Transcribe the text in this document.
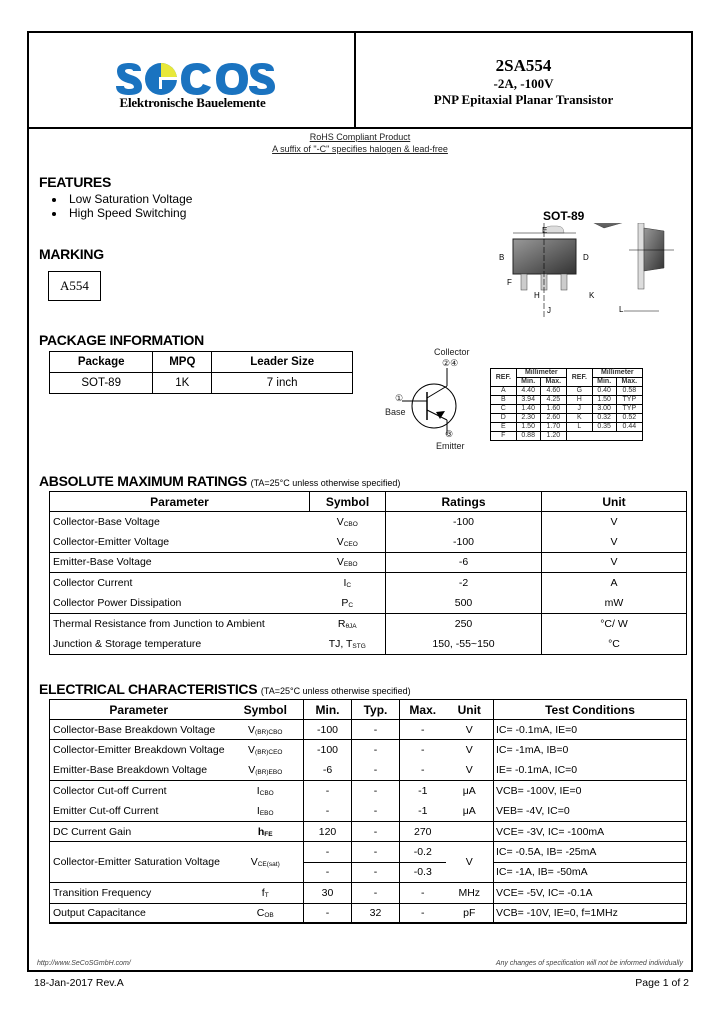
Elektronische Bauelemente
2SA554
-2A, -100V
PNP Epitaxial Planar Transistor
RoHS Compliant Product
A suffix of "-C" specifies halogen & lead-free
FEATURES
Low Saturation Voltage
High Speed Switching
MARKING
A554
PACKAGE INFORMATION
Package	MPQ	Leader Size
SOT-89	1K	7 inch
SOT-89
E
B	D
F
H
J
K
L
Collector
②④
①
Base
③
Emitter
REF.	Millimeter		REF.	Millimeter	
	Min.	Max.		Min.	Max.
A	4.40	4.60	G	0.40	0.58
B	3.94	4.25	H	1.50	TYP
C	1.40	1.60	J	3.00	TYP
D	2.30	2.60	K	0.32	0.52
E	1.50	1.70	L	0.35	0.44
F	0.88	1.20			
ABSOLUTE MAXIMUM RATINGS (TA=25°C unless otherwise specified)
Parameter	Symbol	Ratings	Unit
Collector-Base Voltage	$V_{CBO}$	-100	V
Collector-Emitter Voltage	$V_{CEO}$	-100	V
Emitter-Base Voltage	$V_{EBO}$	-6	V
Collector Current	$I_C$	-2	A
Collector Power Dissipation	$P_C$	500	mW
Thermal Resistance from Junction to Ambient	$R_{\theta JA}$	250	°C/ W
Junction & Storage temperature	TJ, $T_{STG}$	150, -55~150	°C
ELECTRICAL CHARACTERISTICS (TA=25°C unless otherwise specified)
Parameter	Symbol	Min.	Typ.	Max.	Unit	Test Conditions
Collector-Base Breakdown Voltage	$V_{(BR)CBO}$	-100	-	-	V	IC= -0.1mA, IE=0
Collector-Emitter Breakdown Voltage	$V_{(BR)CEO}$	-100	-	-	V	IC= -1mA, IB=0
Emitter-Base Breakdown Voltage	$V_{(BR)EBO}$	-6	-	-	V	IE= -0.1mA, IC=0
Collector Cut-off Current	$I_{CBO}$	-	-	-1	μA	VCB= -100V, IE=0
Emitter Cut-off Current	$I_{EBO}$	-	-	-1	μA	VEB= -4V, IC=0
DC Current Gain	$h_{FE}$	120	-	270		VCE= -3V, IC= -100mA
Collector-Emitter Saturation Voltage	$V_{CE(sat)}$	-	-	-0.2	V	IC= -0.5A, IB= -25mA
		-	-	-0.3		IC= -1A, IB= -50mA
Transition Frequency	$f_T$	30	-	-	MHz	VCE= -5V, IC= -0.1A
Output Capacitance	$C_{OB}$	-	32	-	pF	VCB= -10V, IE=0, f=1MHz
http://www.SeCoSGmbH.com/	Any changes of specification will not be informed individually
18-Jan-2017 Rev.A	Page 1 of 2
